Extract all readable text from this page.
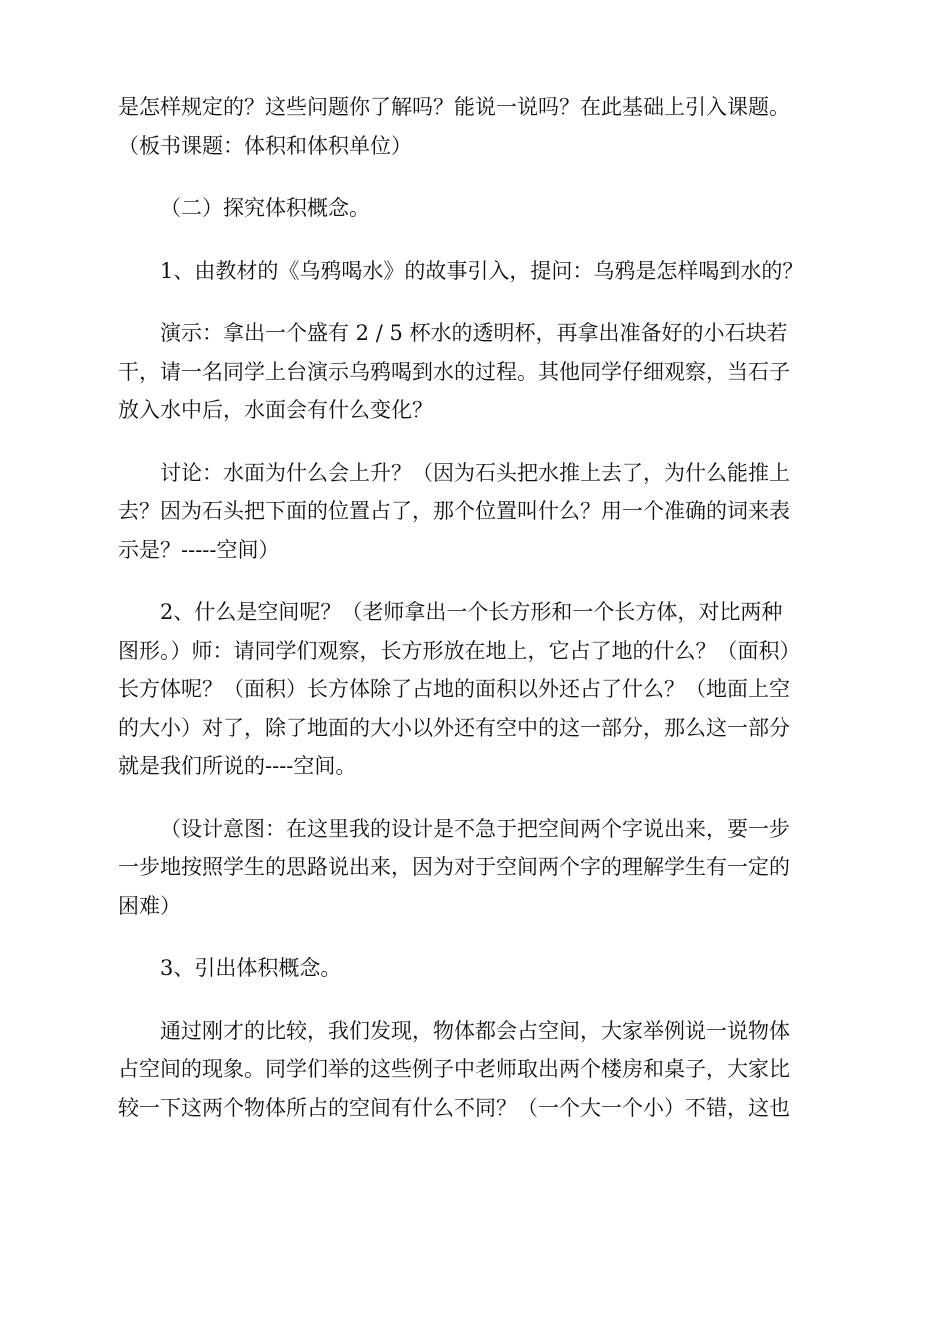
是怎样规定的？这些问题你了解吗？能说一说吗？在此基础上引入课题。
（板书课题：体积和体积单位）

（二）探究体积概念。

1、由教材的《乌鸦喝水》的故事引入，提问：乌鸦是怎样喝到水的？

演示：拿出一个盛有 2 / 5 杯水的透明杯，再拿出准备好的小石块若
干，请一名同学上台演示乌鸦喝到水的过程。其他同学仔细观察，当石子
放入水中后，水面会有什么变化？

讨论：水面为什么会上升？（因为石头把水推上去了，为什么能推上
去？因为石头把下面的位置占了，那个位置叫什么？用一个准确的词来表
示是？-----空间）

2、什么是空间呢？（老师拿出一个长方形和一个长方体，对比两种
图形。）师：请同学们观察，长方形放在地上，它占了地的什么？（面积）
长方体呢？（面积）长方体除了占地的面积以外还占了什么？（地面上空
的大小）对了，除了地面的大小以外还有空中的这一部分，那么这一部分
就是我们所说的----空间。

（设计意图：在这里我的设计是不急于把空间两个字说出来，要一步
一步地按照学生的思路说出来，因为对于空间两个字的理解学生有一定的
困难）

3、引出体积概念。

通过刚才的比较，我们发现，物体都会占空间，大家举例说一说物体
占空间的现象。同学们举的这些例子中老师取出两个楼房和桌子，大家比
较一下这两个物体所占的空间有什么不同？（一个大一个小）不错，这也
